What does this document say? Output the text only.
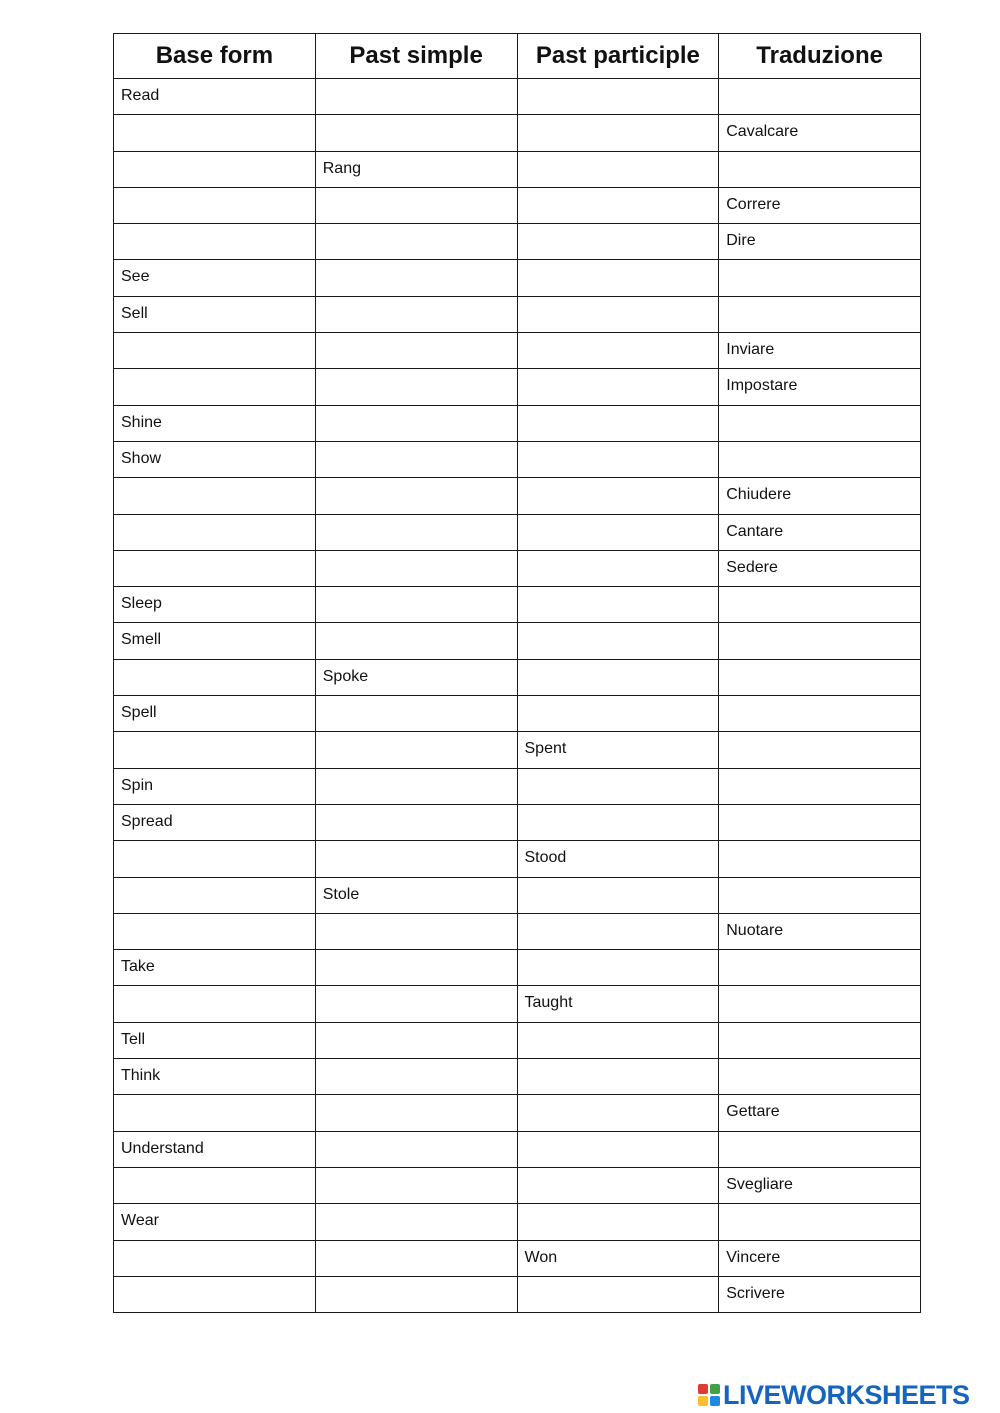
Base form	Past simple	Past participle	Traduzione
Read			
			Cavalcare
	Rang		
			Correre
			Dire
See			
Sell			
			Inviare
			Impostare
Shine			
Show			
			Chiudere
			Cantare
			Sedere
Sleep			
Smell			
	Spoke		
Spell			
		Spent	
Spin			
Spread			
		Stood	
	Stole		
			Nuotare
Take			
		Taught	
Tell			
Think			
			Gettare
Understand			
			Svegliare
Wear			
		Won	Vincere
			Scrivere
LIVEWORKSHEETS
